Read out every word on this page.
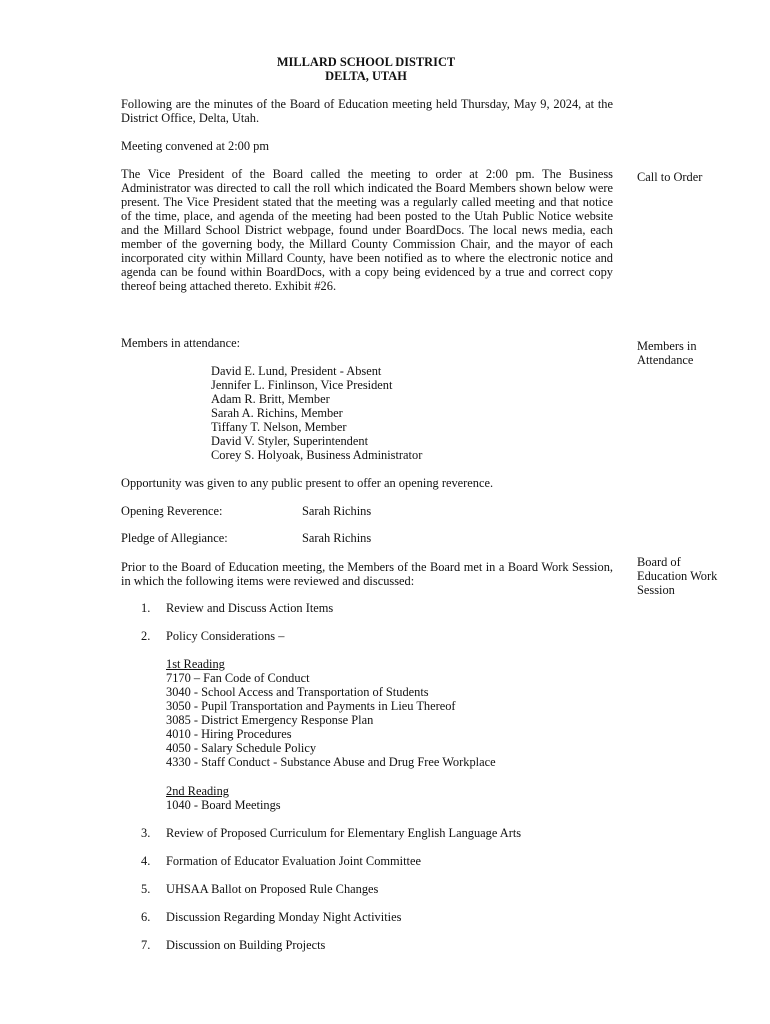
MILLARD SCHOOL DISTRICT
DELTA, UTAH
Following are the minutes of the Board of Education meeting held Thursday, May 9, 2024, at the District Office, Delta, Utah.
Meeting convened at 2:00 pm
The Vice President of the Board called the meeting to order at 2:00 pm. The Business Administrator was directed to call the roll which indicated the Board Members shown below were present. The Vice President stated that the meeting was a regularly called meeting and that notice of the time, place, and agenda of the meeting had been posted to the Utah Public Notice website and the Millard School District webpage, found under BoardDocs. The local news media, each member of the governing body, the Millard County Commission Chair, and the mayor of each incorporated city within Millard County, have been notified as to where the electronic notice and agenda can be found within BoardDocs, with a copy being evidenced by a true and correct copy thereof being attached thereto. Exhibit #26.
Call to Order
Members in attendance:	Members in
Attendance
David E. Lund, President - Absent
Jennifer L. Finlinson, Vice President
Adam R. Britt, Member
Sarah A. Richins, Member
Tiffany T. Nelson, Member
David V. Styler, Superintendent
Corey S. Holyoak, Business Administrator
Opportunity was given to any public present to offer an opening reverence.
Opening Reverence:	Sarah Richins
Pledge of Allegiance:	Sarah Richins
Prior to the Board of Education meeting, the Members of the Board met in a Board Work Session, in which the following items were reviewed and discussed:
Board of
Education Work
Session
1.	Review and Discuss Action Items
2.	Policy Considerations –
1st Reading
7170 – Fan Code of Conduct
3040 - School Access and Transportation of Students
3050 - Pupil Transportation and Payments in Lieu Thereof
3085 - District Emergency Response Plan
4010 - Hiring Procedures
4050 - Salary Schedule Policy
4330 - Staff Conduct - Substance Abuse and Drug Free Workplace
2nd Reading
1040 - Board Meetings
3.	Review of Proposed Curriculum for Elementary English Language Arts
4.	Formation of Educator Evaluation Joint Committee
5.	UHSAA Ballot on Proposed Rule Changes
6.	Discussion Regarding Monday Night Activities
7.	Discussion on Building Projects
